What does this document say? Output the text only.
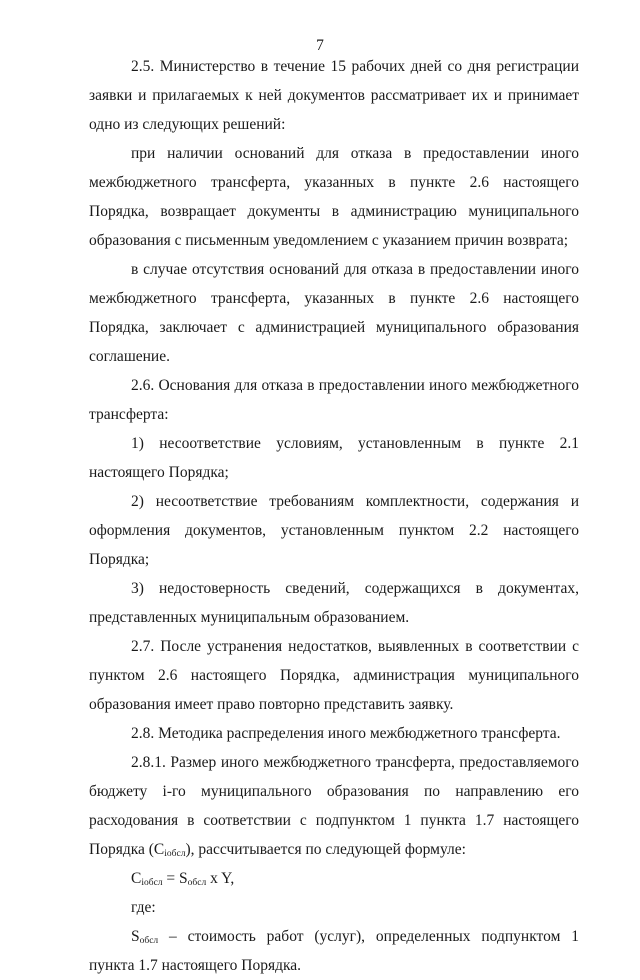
7

2.5. Министерство в течение 15 рабочих дней со дня регистрации заявки и прилагаемых к ней документов рассматривает их и принимает одно из следующих решений:

при наличии оснований для отказа в предоставлении иного межбюджетного трансферта, указанных в пункте 2.6 настоящего Порядка, возвращает документы в администрацию муниципального образования с письменным уведомлением с указанием причин возврата;

в случае отсутствия оснований для отказа в предоставлении иного межбюджетного трансферта, указанных в пункте 2.6 настоящего Порядка, заключает с администрацией муниципального образования соглашение.

2.6. Основания для отказа в предоставлении иного межбюджетного трансферта:

1) несоответствие условиям, установленным в пункте 2.1 настоящего Порядка;

2) несоответствие требованиям комплектности, содержания и оформления документов, установленным пунктом 2.2 настоящего Порядка;

3) недостоверность сведений, содержащихся в документах, представленных муниципальным образованием.

2.7. После устранения недостатков, выявленных в соответствии с пунктом 2.6 настоящего Порядка, администрация муниципального образования имеет право повторно представить заявку.

2.8. Методика распределения иного межбюджетного трансферта.

2.8.1. Размер иного межбюджетного трансферта, предоставляемого бюджету i-го муниципального образования по направлению его расходования в соответствии с подпунктом 1 пункта 1.7 настоящего Порядка $(C_{iобсл})$, рассчитывается по следующей формуле:

$C_{iобсл} = S_{обсл}$ x Y,

где:

$S_{обсл}$ – стоимость работ (услуг), определенных подпунктом 1 пункта 1.7 настоящего Порядка.
